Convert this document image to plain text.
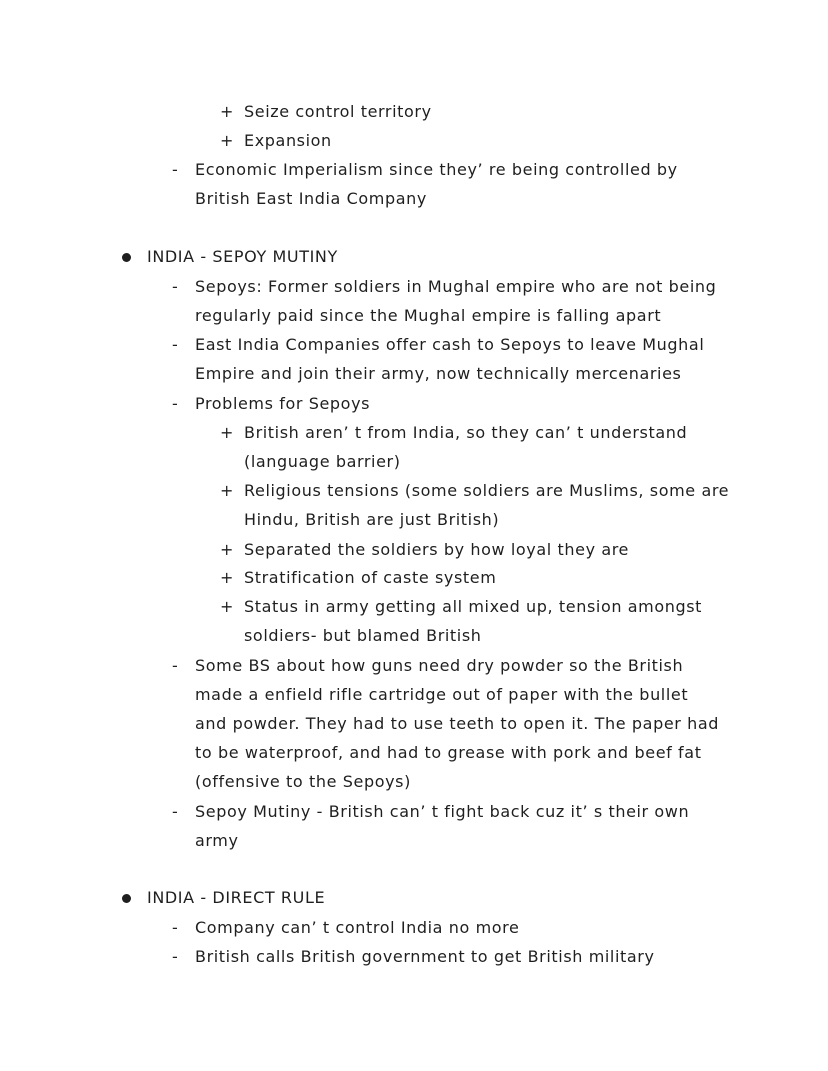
+ Seize control territory
+ Expansion
- Economic Imperialism since they’ re being controlled by
British East India Company
INDIA - SEPOY MUTINY
- Sepoys: Former soldiers in Mughal empire who are not being
regularly paid since the Mughal empire is falling apart
- East India Companies offer cash to Sepoys to leave Mughal
Empire and join their army, now technically mercenaries
- Problems for Sepoys
+ British aren’ t from India, so they can’ t understand
(language barrier)
+ Religious tensions (some soldiers are Muslims, some are
Hindu, British are just British)
+ Separated the soldiers by how loyal they are
+ Stratification of caste system
+ Status in army getting all mixed up, tension amongst
soldiers- but blamed British
- Some BS about how guns need dry powder so the British
made a enfield rifle cartridge out of paper with the bullet
and powder. They had to use teeth to open it. The paper had
to be waterproof, and had to grease with pork and beef fat
(offensive to the Sepoys)
- Sepoy Mutiny - British can’ t fight back cuz it’ s their own
army
INDIA - DIRECT RULE
- Company can’ t control India no more
- British calls British government to get British military
